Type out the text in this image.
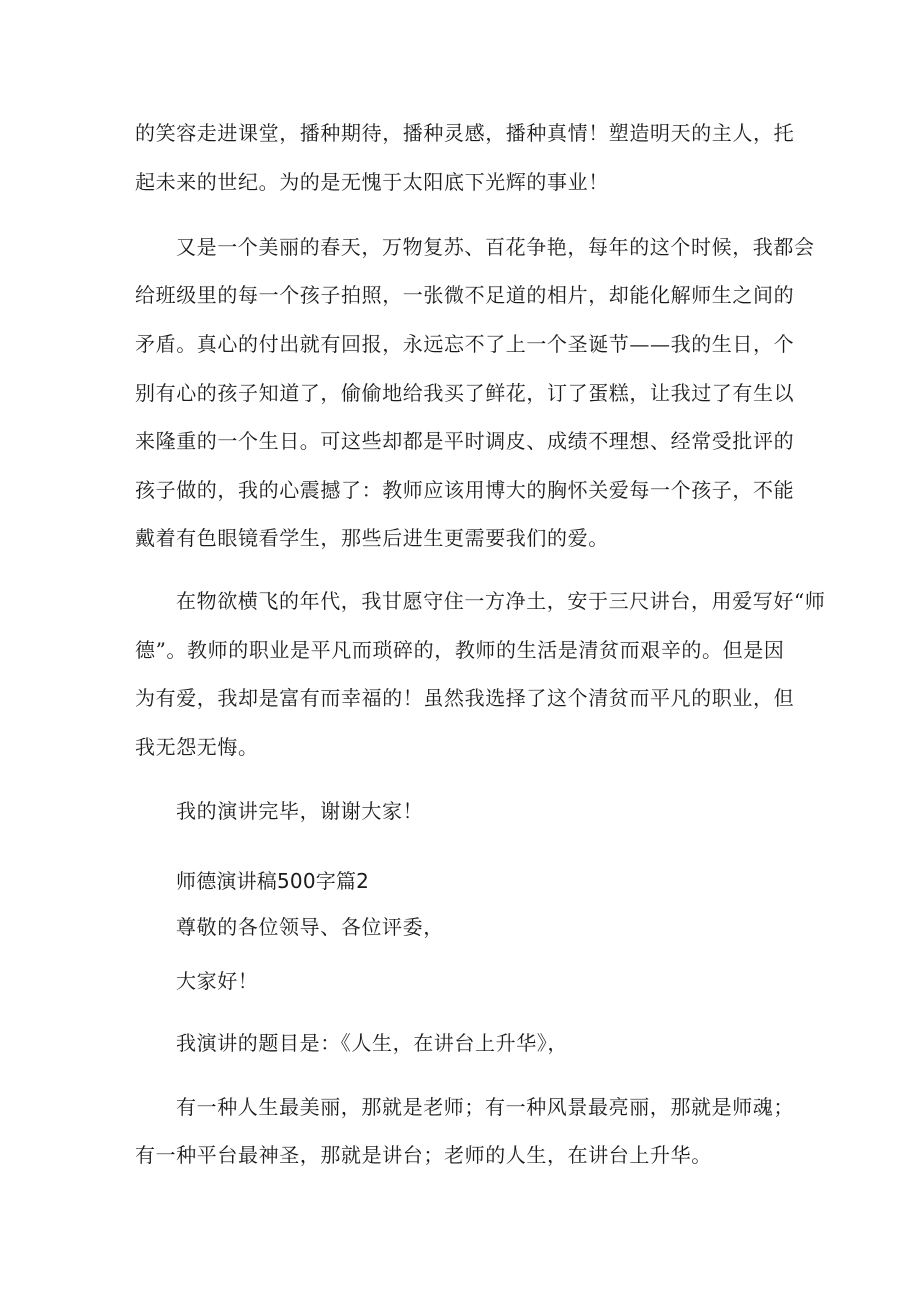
的笑容走进课堂，播种期待，播种灵感，播种真情！塑造明天的主人，托
起未来的世纪。为的是无愧于太阳底下光辉的事业！
又是一个美丽的春天，万物复苏、百花争艳，每年的这个时候，我都会
给班级里的每一个孩子拍照，一张微不足道的相片，却能化解师生之间的
矛盾。真心的付出就有回报，永远忘不了上一个圣诞节——我的生日，个
别有心的孩子知道了，偷偷地给我买了鲜花，订了蛋糕，让我过了有生以
来隆重的一个生日。可这些却都是平时调皮、成绩不理想、经常受批评的
孩子做的，我的心震撼了：教师应该用博大的胸怀关爱每一个孩子，不能
戴着有色眼镜看学生，那些后进生更需要我们的爱。
在物欲横飞的年代，我甘愿守住一方净土，安于三尺讲台，用爱写好“师
德”。教师的职业是平凡而琐碎的，教师的生活是清贫而艰辛的。但是因
为有爱，我却是富有而幸福的！虽然我选择了这个清贫而平凡的职业，但
我无怨无悔。
我的演讲完毕，谢谢大家！
师德演讲稿500字篇2
尊敬的各位领导、各位评委，
大家好！
我演讲的题目是：《人生，在讲台上升华》，
有一种人生最美丽，那就是老师；有一种风景最亮丽，那就是师魂；
有一种平台最神圣，那就是讲台；老师的人生，在讲台上升华。
